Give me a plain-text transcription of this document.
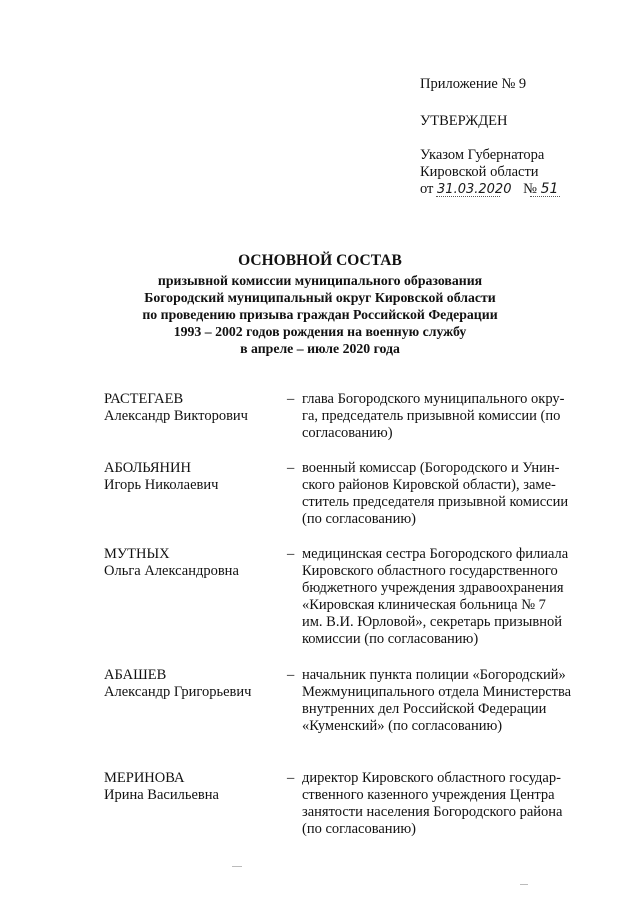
Приложение № 9
УТВЕРЖДЕН
Указом Губернатора
Кировской области
от 31.03.2020 № 51
ОСНОВНОЙ СОСТАВ
призывной комиссии муниципального образования
Богородский муниципальный округ Кировской области
по проведению призыва граждан Российской Федерации
1993 – 2002 годов рождения на военную службу
в апреле – июле 2020 года
РАСТЕГАЕВ
Александр Викторович
– глава Богородского муниципального окру-
га, председатель призывной комиссии (по
согласованию)
АБОЛЬЯНИН
Игорь Николаевич
– военный комиссар (Богородского и Унин-
ского районов Кировской области), заме-
ститель председателя призывной комиссии
(по согласованию)
МУТНЫХ
Ольга Александровна
– медицинская сестра Богородского филиала
Кировского областного государственного
бюджетного учреждения здравоохранения
«Кировская клиническая больница № 7
им. В.И. Юрловой», секретарь призывной
комиссии (по согласованию)
АБАШЕВ
Александр Григорьевич
– начальник пункта полиции «Богородский»
Межмуниципального отдела Министерства
внутренних дел Российской Федерации
«Куменский» (по согласованию)
МЕРИНОВА
Ирина Васильевна
– директор Кировского областного государ-
ственного казенного учреждения Центра
занятости населения Богородского района
(по согласованию)
